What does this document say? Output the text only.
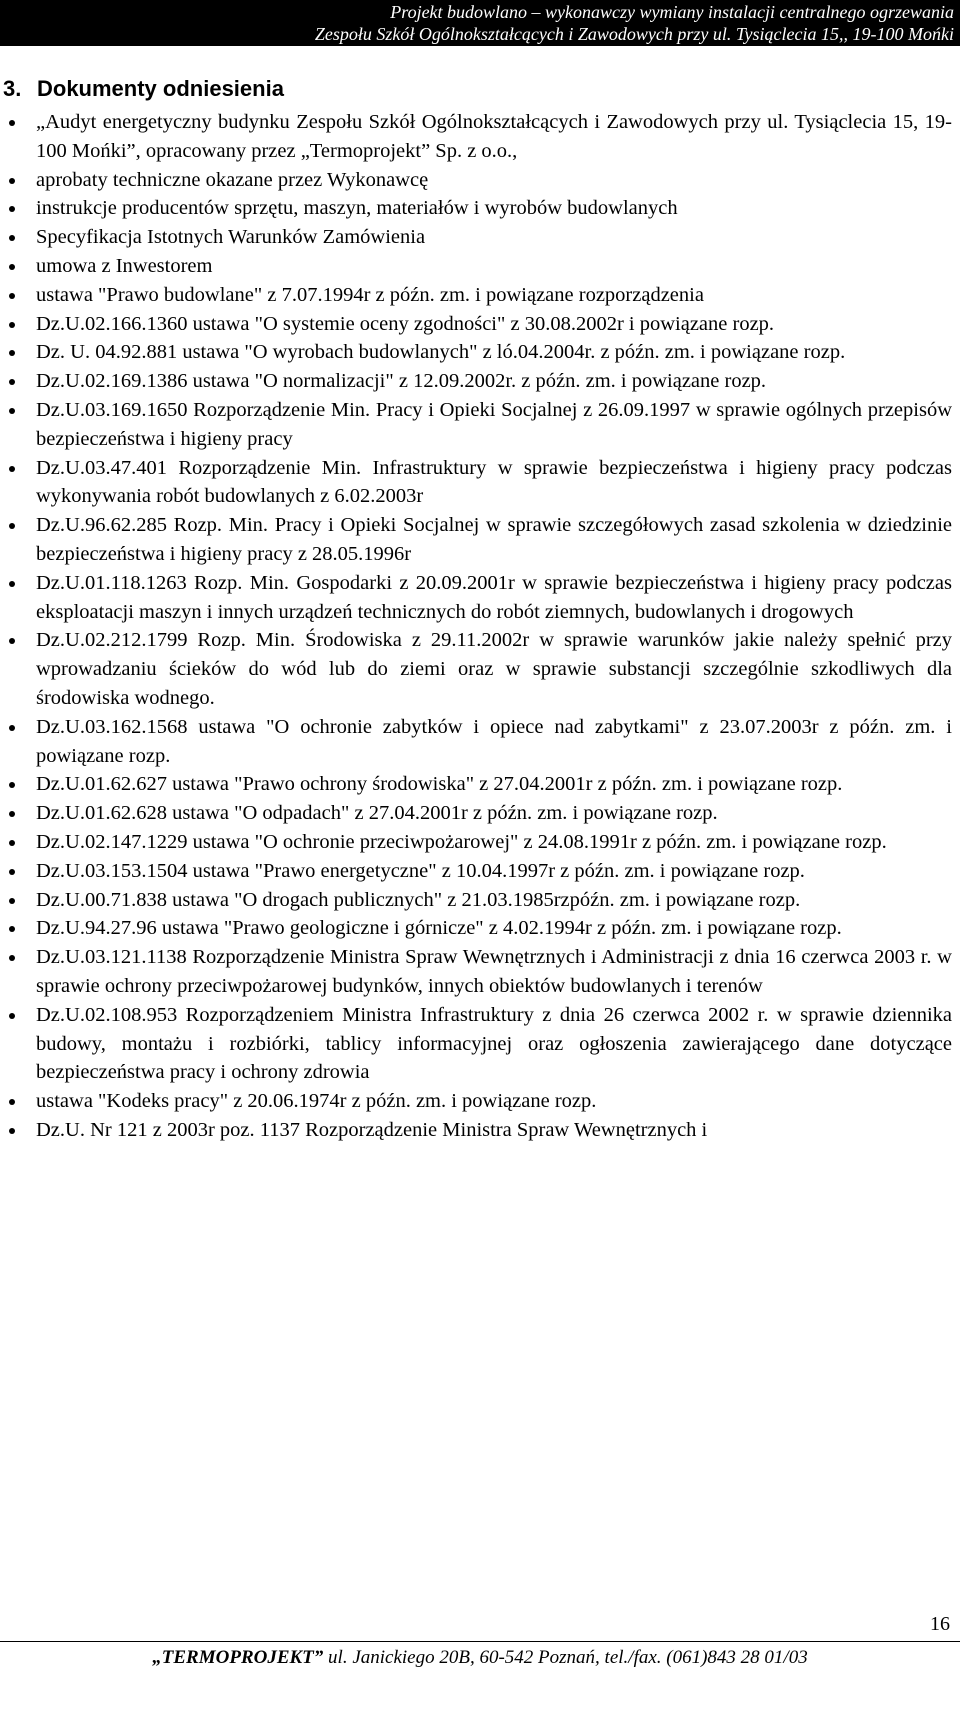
Projekt budowlano – wykonawczy wymiany instalacji centralnego ogrzewania
Zespołu Szkół Ogólnokształcących i Zawodowych przy ul. Tysiąclecia 15,, 19-100 Mońki
3. Dokumenty odniesienia
„Audyt energetyczny budynku Zespołu Szkół Ogólnokształcących i Zawodowych przy ul. Tysiąclecia 15, 19-100 Mońki”, opracowany przez „Termoprojekt” Sp. z o.o.,
aprobaty techniczne okazane przez Wykonawcę
instrukcje producentów sprzętu, maszyn, materiałów i wyrobów budowlanych
Specyfikacja Istotnych Warunków Zamówienia
umowa z Inwestorem
ustawa "Prawo budowlane" z 7.07.1994r z późn. zm. i powiązane rozporządzenia
Dz.U.02.166.1360 ustawa "O systemie oceny zgodności" z 30.08.2002r i powiązane rozp.
Dz. U. 04.92.881 ustawa "O wyrobach budowlanych" z ló.04.2004r. z późn. zm. i powiązane rozp.
Dz.U.02.169.1386 ustawa "O normalizacji" z 12.09.2002r. z późn. zm. i powiązane rozp.
Dz.U.03.169.1650 Rozporządzenie Min. Pracy i Opieki Socjalnej z 26.09.1997 w sprawie ogólnych przepisów bezpieczeństwa i higieny pracy
Dz.U.03.47.401 Rozporządzenie Min. Infrastruktury w sprawie bezpieczeństwa i higieny pracy podczas wykonywania robót budowlanych z 6.02.2003r
Dz.U.96.62.285 Rozp. Min. Pracy i Opieki Socjalnej w sprawie szczegółowych zasad szkolenia w dziedzinie bezpieczeństwa i higieny pracy z 28.05.1996r
Dz.U.01.118.1263 Rozp. Min. Gospodarki z 20.09.2001r w sprawie bezpieczeństwa i higieny pracy podczas eksploatacji maszyn i innych urządzeń technicznych do robót ziemnych, budowlanych i drogowych
Dz.U.02.212.1799 Rozp. Min. Środowiska z 29.11.2002r w sprawie warunków jakie należy spełnić przy wprowadzaniu ścieków do wód lub do ziemi oraz w sprawie substancji szczególnie szkodliwych dla środowiska wodnego.
Dz.U.03.162.1568 ustawa "O ochronie zabytków i opiece nad zabytkami" z 23.07.2003r z późn. zm. i powiązane rozp.
Dz.U.01.62.627 ustawa "Prawo ochrony środowiska" z 27.04.2001r z późn. zm. i powiązane rozp.
Dz.U.01.62.628 ustawa "O odpadach" z 27.04.2001r z późn. zm. i powiązane rozp.
Dz.U.02.147.1229 ustawa "O ochronie przeciwpożarowej" z 24.08.1991r z późn. zm. i powiązane rozp.
Dz.U.03.153.1504 ustawa "Prawo energetyczne" z 10.04.1997r z późn. zm. i powiązane rozp.
Dz.U.00.71.838 ustawa "O drogach publicznych" z 21.03.1985rzpóźn. zm. i powiązane rozp.
Dz.U.94.27.96 ustawa "Prawo geologiczne i górnicze" z 4.02.1994r z późn. zm. i powiązane rozp.
Dz.U.03.121.1138 Rozporządzenie Ministra Spraw Wewnętrznych i Administracji z dnia 16 czerwca 2003 r. w sprawie ochrony przeciwpożarowej budynków, innych obiektów budowlanych i terenów
Dz.U.02.108.953 Rozporządzeniem Ministra Infrastruktury z dnia 26 czerwca 2002 r. w sprawie dziennika budowy, montażu i rozbiórki, tablicy informacyjnej oraz ogłoszenia zawierającego dane dotyczące bezpieczeństwa pracy i ochrony zdrowia
ustawa "Kodeks pracy" z 20.06.1974r z późn. zm. i powiązane rozp.
Dz.U. Nr 121 z 2003r poz. 1137 Rozporządzenie Ministra Spraw Wewnętrznych i
16
„TERMOPROJEKT” ul. Janickiego 20B, 60-542 Poznań, tel./fax. (061)843 28 01/03
